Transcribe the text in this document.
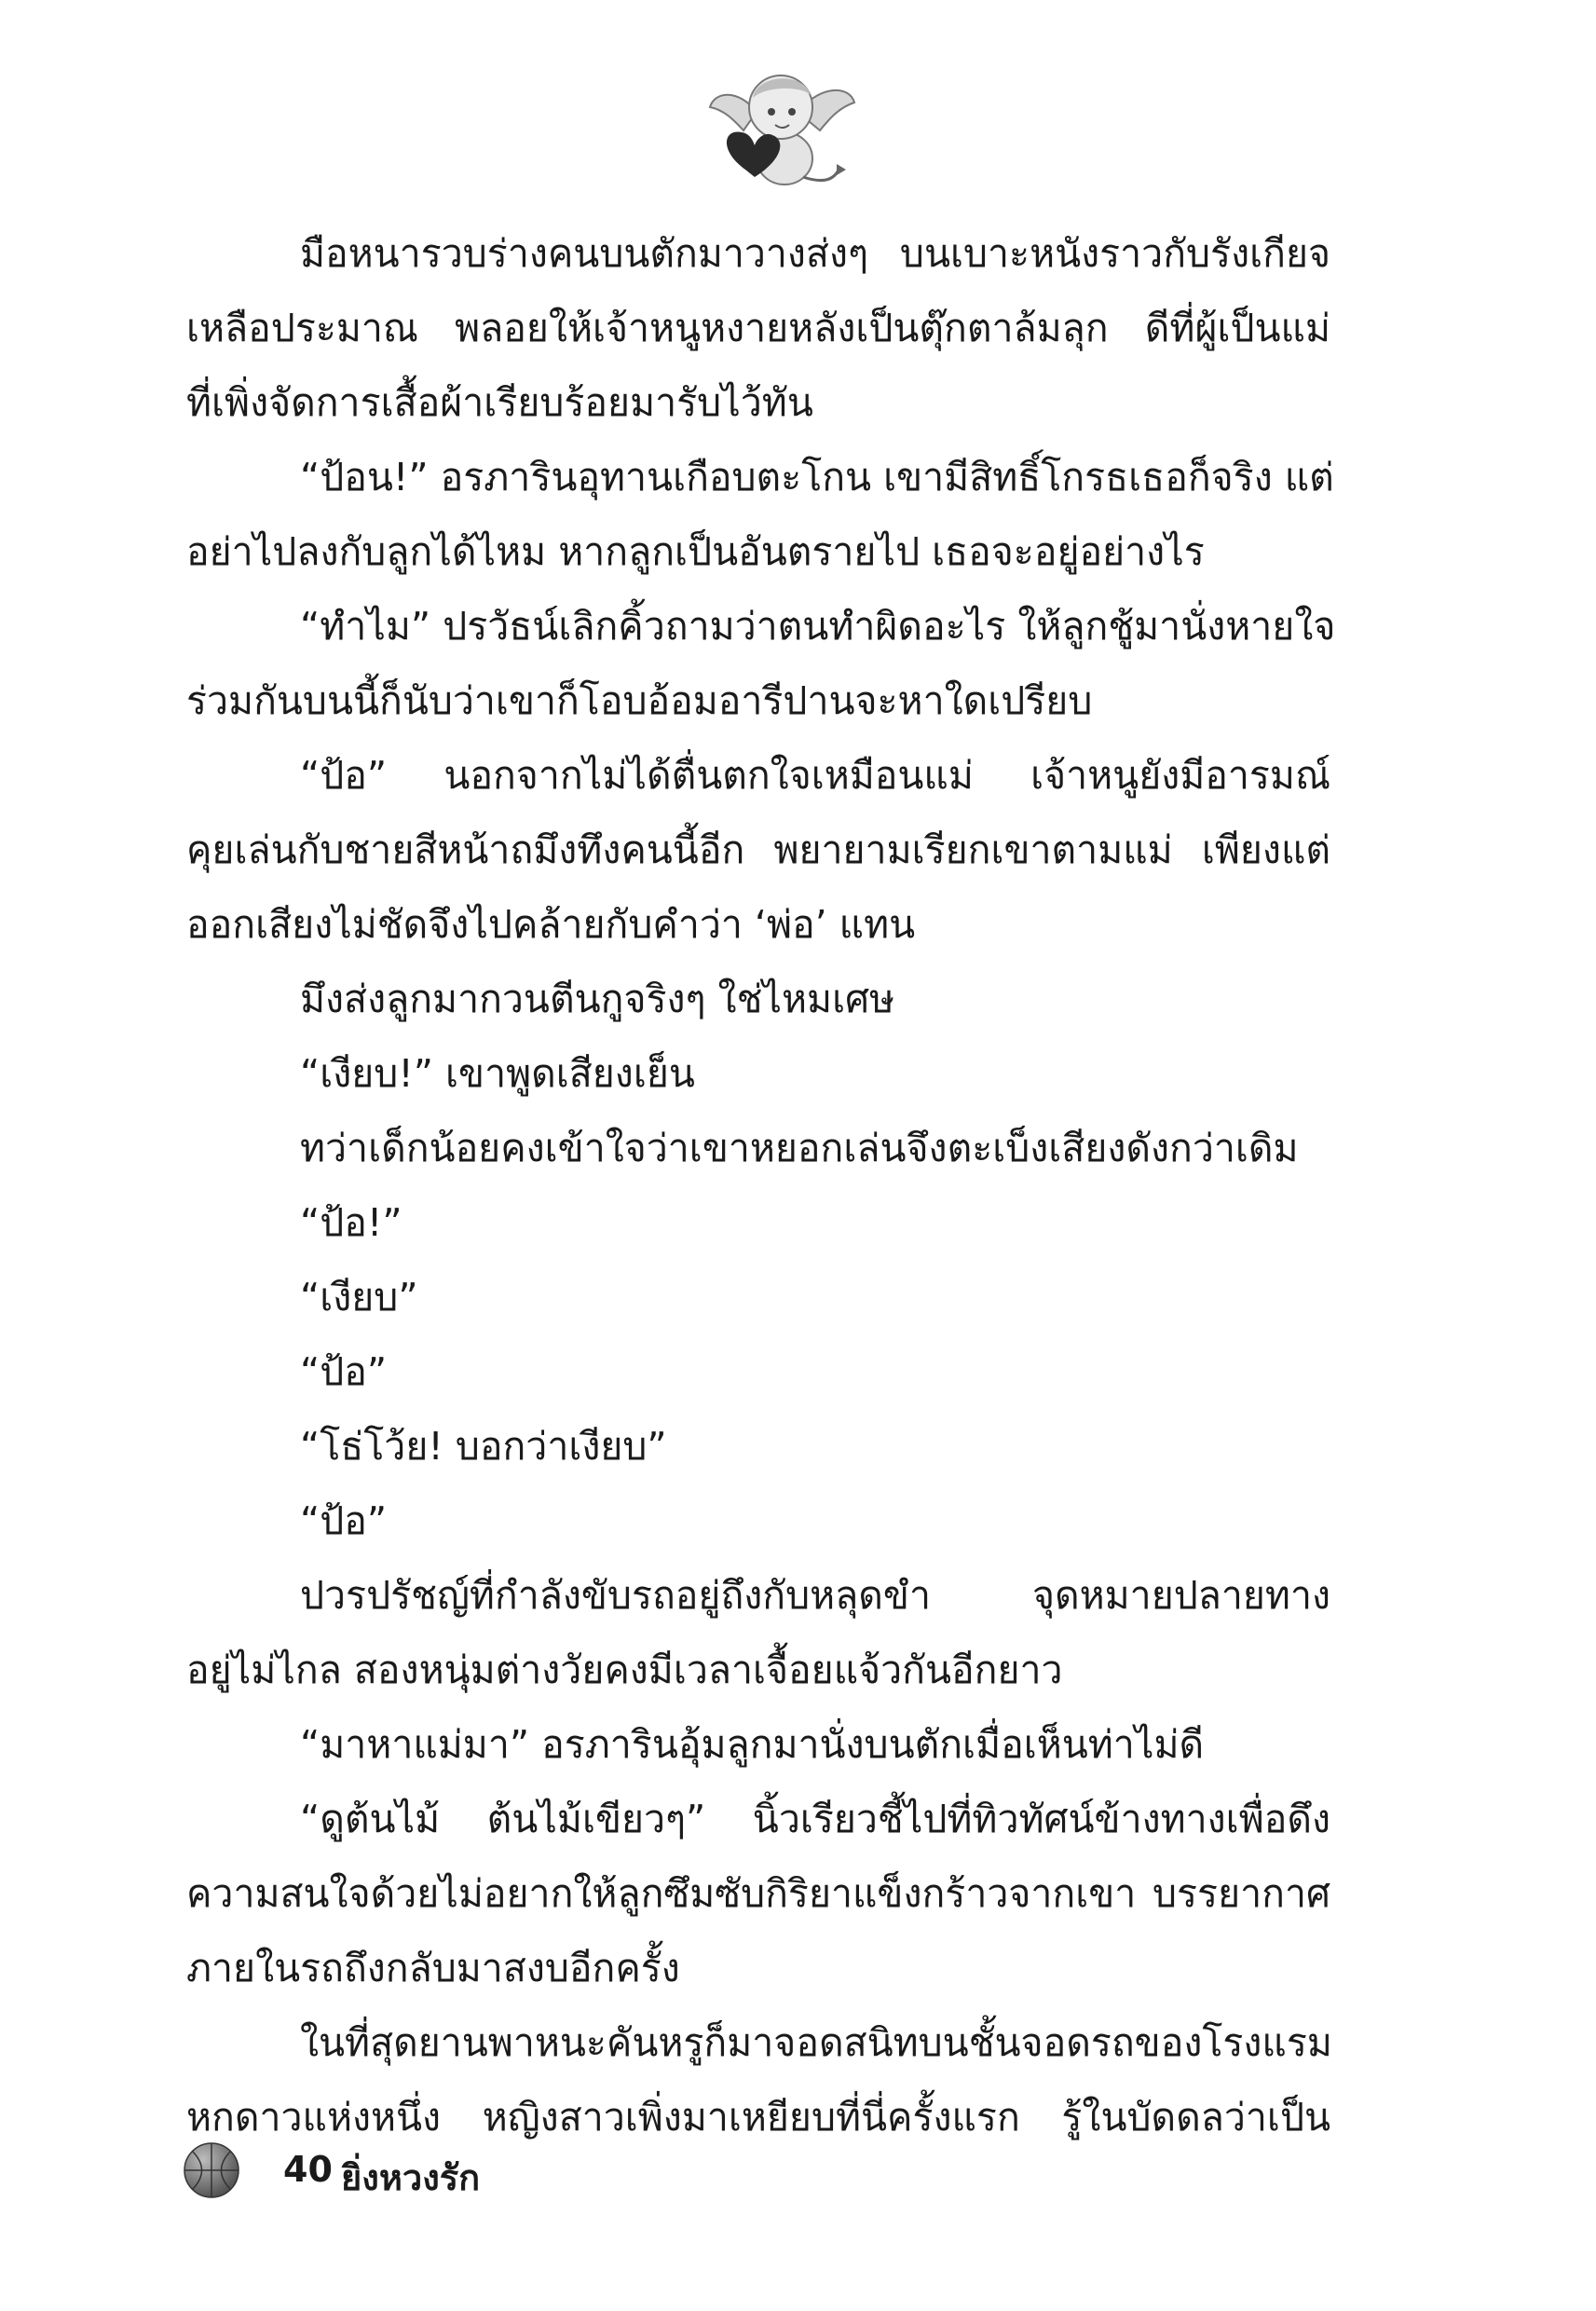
มือหนารวบร่างคนบนตักมาวางส่งๆ บนเบาะหนังราวกับรังเกียจ

เหลือประมาณ พลอยให้เจ้าหนูหงายหลังเป็นตุ๊กตาล้มลุก ดีที่ผู้เป็นแม่

ที่เพิ่งจัดการเสื้อผ้าเรียบร้อยมารับไว้ทัน

“ป้อน!” อรภารินอุทานเกือบตะโกน เขามีสิทธิ์โกรธเธอก็จริง แต่

อย่าไปลงกับลูกได้ไหม หากลูกเป็นอันตรายไป เธอจะอยู่อย่างไร

“ทำไม” ปรวัธน์เลิกคิ้วถามว่าตนทำผิดอะไร ให้ลูกชู้มานั่งหายใจ

ร่วมกันบนนี้ก็นับว่าเขาก็โอบอ้อมอารีปานจะหาใดเปรียบ

“ป้อ” นอกจากไม่ได้ตื่นตกใจเหมือนแม่ เจ้าหนูยังมีอารมณ์

คุยเล่นกับชายสีหน้าถมึงทึงคนนี้อีก พยายามเรียกเขาตามแม่ เพียงแต่

ออกเสียงไม่ชัดจึงไปคล้ายกับคำว่า ‘พ่อ’ แทน

มึงส่งลูกมากวนตีนกูจริงๆ ใช่ไหมเศษ

“เงียบ!” เขาพูดเสียงเย็น

ทว่าเด็กน้อยคงเข้าใจว่าเขาหยอกเล่นจึงตะเบ็งเสียงดังกว่าเดิม

“ป้อ!”

“เงียบ”

“ป้อ”

“โธ่โว้ย! บอกว่าเงียบ”

“ป้อ”

ปวรปรัชญ์ที่กำลังขับรถอยู่ถึงกับหลุดขำ จุดหมายปลายทาง

อยู่ไม่ไกล สองหนุ่มต่างวัยคงมีเวลาเจื้อยแจ้วกันอีกยาว

“มาหาแม่มา” อรภารินอุ้มลูกมานั่งบนตักเมื่อเห็นท่าไม่ดี

“ดูต้นไม้ ต้นไม้เขียวๆ” นิ้วเรียวชี้ไปที่ทิวทัศน์ข้างทางเพื่อดึง

ความสนใจด้วยไม่อยากให้ลูกซึมซับกิริยาแข็งกร้าวจากเขา บรรยากาศ

ภายในรถถึงกลับมาสงบอีกครั้ง

ในที่สุดยานพาหนะคันหรูก็มาจอดสนิทบนชั้นจอดรถของโรงแรม

หกดาวแห่งหนึ่ง หญิงสาวเพิ่งมาเหยียบที่นี่ครั้งแรก รู้ในบัดดลว่าเป็น

40 ยิ่งหวงรัก
